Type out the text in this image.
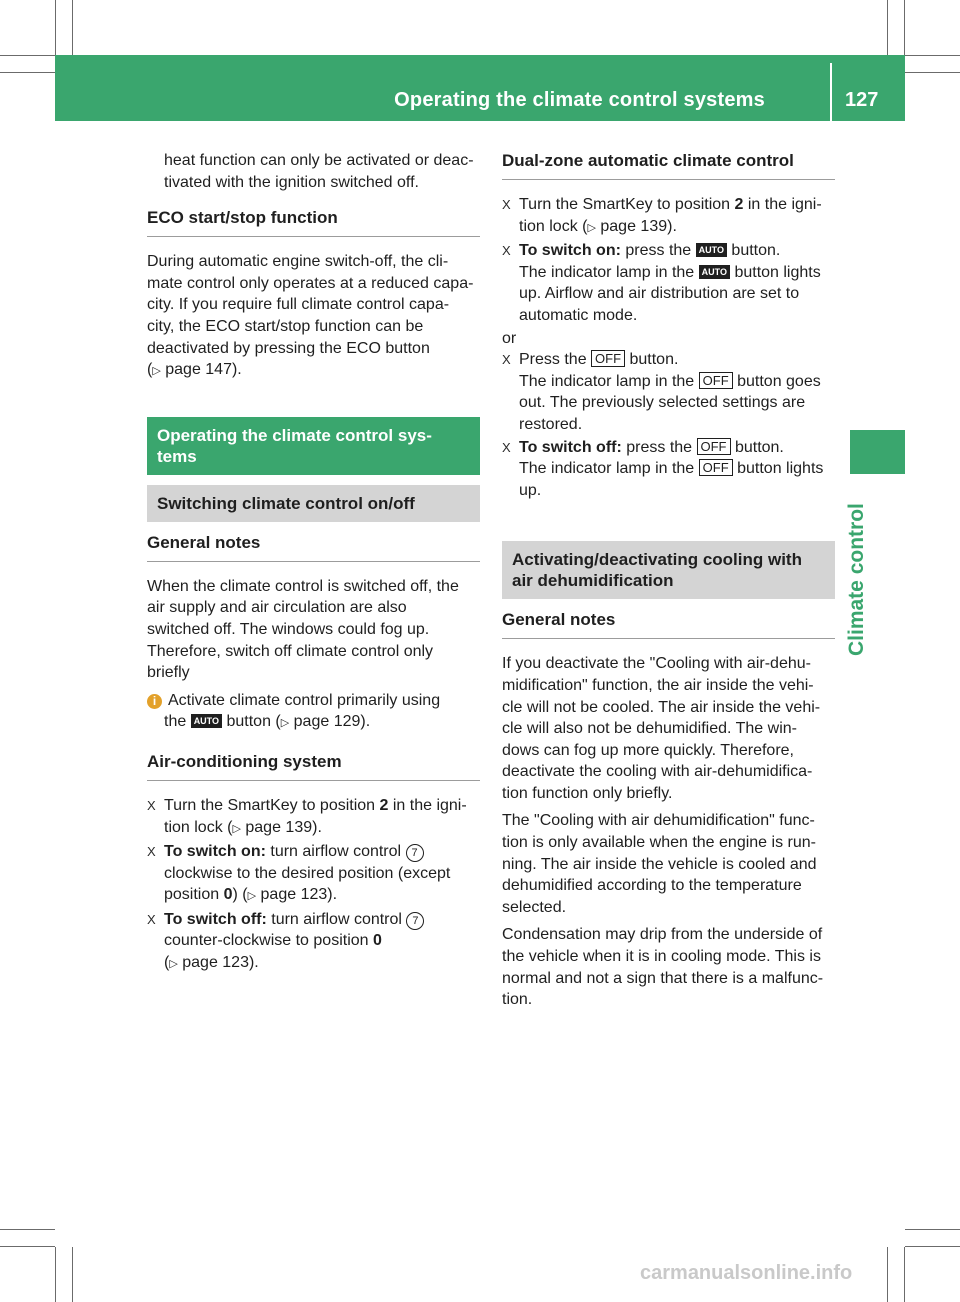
Operating the climate control systems	127
Climate control
heat function can only be activated or deac-
tivated with the ignition switched off.
ECO start/stop function
During automatic engine switch-off, the cli-
mate control only operates at a reduced capa-
city. If you require full climate control capa-
city, the ECO start/stop function can be
deactivated by pressing the ECO button
(▷ page 147).
Operating the climate control sys-
tems
Switching climate control on/off
General notes
When the climate control is switched off, the
air supply and air circulation are also
switched off. The windows could fog up.
Therefore, switch off climate control only
briefly
i Activate climate control primarily using
the AUTO button (▷ page 129).
Air-conditioning system
X Turn the SmartKey to position 2 in the igni-
tion lock (▷ page 139).
X To switch on: turn airflow control 7
clockwise to the desired position (except
position 0) (▷ page 123).
X To switch off: turn airflow control 7
counter-clockwise to position 0
(▷ page 123).
Dual-zone automatic climate control
X Turn the SmartKey to position 2 in the igni-
tion lock (▷ page 139).
X To switch on: press the AUTO button.
The indicator lamp in the AUTO button lights
up. Airflow and air distribution are set to
automatic mode.
or
X Press the OFF button.
The indicator lamp in the OFF button goes
out. The previously selected settings are
restored.
X To switch off: press the OFF button.
The indicator lamp in the OFF button lights
up.
Activating/deactivating cooling with
air dehumidification
General notes
If you deactivate the "Cooling with air-dehu-
midification" function, the air inside the vehi-
cle will not be cooled. The air inside the vehi-
cle will also not be dehumidified. The win-
dows can fog up more quickly. Therefore,
deactivate the cooling with air-dehumidifica-
tion function only briefly.
The "Cooling with air dehumidification" func-
tion is only available when the engine is run-
ning. The air inside the vehicle is cooled and
dehumidified according to the temperature
selected.
Condensation may drip from the underside of
the vehicle when it is in cooling mode. This is
normal and not a sign that there is a malfunc-
tion.
carmanualsonline.info
